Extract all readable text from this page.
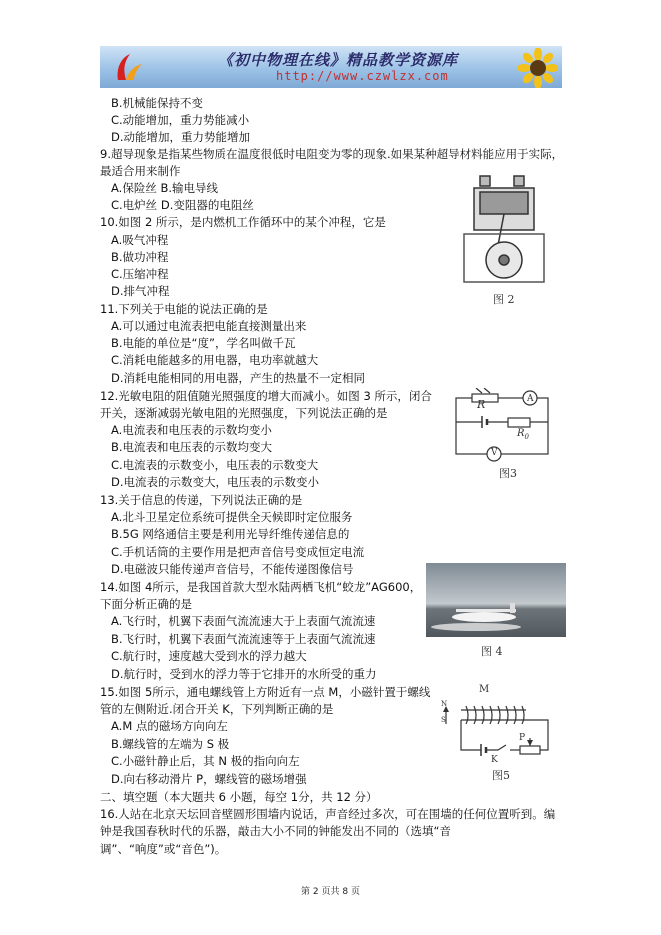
《初中物理在线》精品教学资源库
http://www.czwlzx.com
B.机械能保持不变
C.动能增加，重力势能减小
D.动能增加，重力势能增加
9.超导现象是指某些物质在温度很低时电阻变为零的现象.如果某种超导材料能应用于实际，
最适合用来制作
A.保险丝 B.输电导线
C.电炉丝 D.变阻器的电阻丝
10.如图 2 所示，是内燃机工作循环中的某个冲程，它是
A.吸气冲程
B.做功冲程
C.压缩冲程
D.排气冲程
11.下列关于电能的说法正确的是
A.可以通过电流表把电能直接测量出来
B.电能的单位是“度”，学名叫做千瓦
C.消耗电能越多的用电器，电功率就越大
D.消耗电能相同的用电器，产生的热量不一定相同
12.光敏电阻的阻值随光照强度的增大而减小。如图 3 所示，闭合
开关，逐渐减弱光敏电阻的光照强度，下列说法正确的是
A.电流表和电压表的示数均变小
B.电流表和电压表的示数均变大
C.电流表的示数变小，电压表的示数变大
D.电流表的示数变大，电压表的示数变小
13.关于信息的传递，下列说法正确的是
A.北斗卫星定位系统可提供全天候即时定位服务
B.5G 网络通信主要是利用光导纤维传递信息的
C.手机话筒的主要作用是把声音信号变成恒定电流
D.电磁波只能传递声音信号，不能传递图像信号
14.如图 4所示，是我国首款大型水陆两栖飞机“蛟龙”AG600，
下面分析正确的是
A.飞行时，机翼下表面气流流速大于上表面气流流速
B.飞行时，机翼下表面气流流速等于上表面气流流速
C.航行时，速度越大受到水的浮力越大
D.航行时，受到水的浮力等于它排开的水所受的重力
15.如图 5所示，通电螺线管上方附近有一点 M，小磁针置于螺线
管的左侧附近.闭合开关 K，下列判断正确的是
A.M 点的磁场方向向左
B.螺线管的左端为 S 极
C.小磁针静止后，其 N 极的指向向左
D.向右移动滑片 P，螺线管的磁场增强
二、填空题（本大题共 6 小题，每空 1分，共 12 分）
16.人站在北京天坛回音壁圆形围墙内说话，声音经过多次，可在围墙的任何位置听到。编
钟是我国春秋时代的乐器，敲击大小不同的钟能发出不同的（选填“音
调”、“响度”或“音色”)。
图 2
R	A
$R_0$
V
图3
图 4
M
N
S
P
K
图5
第 2 页共 8 页
